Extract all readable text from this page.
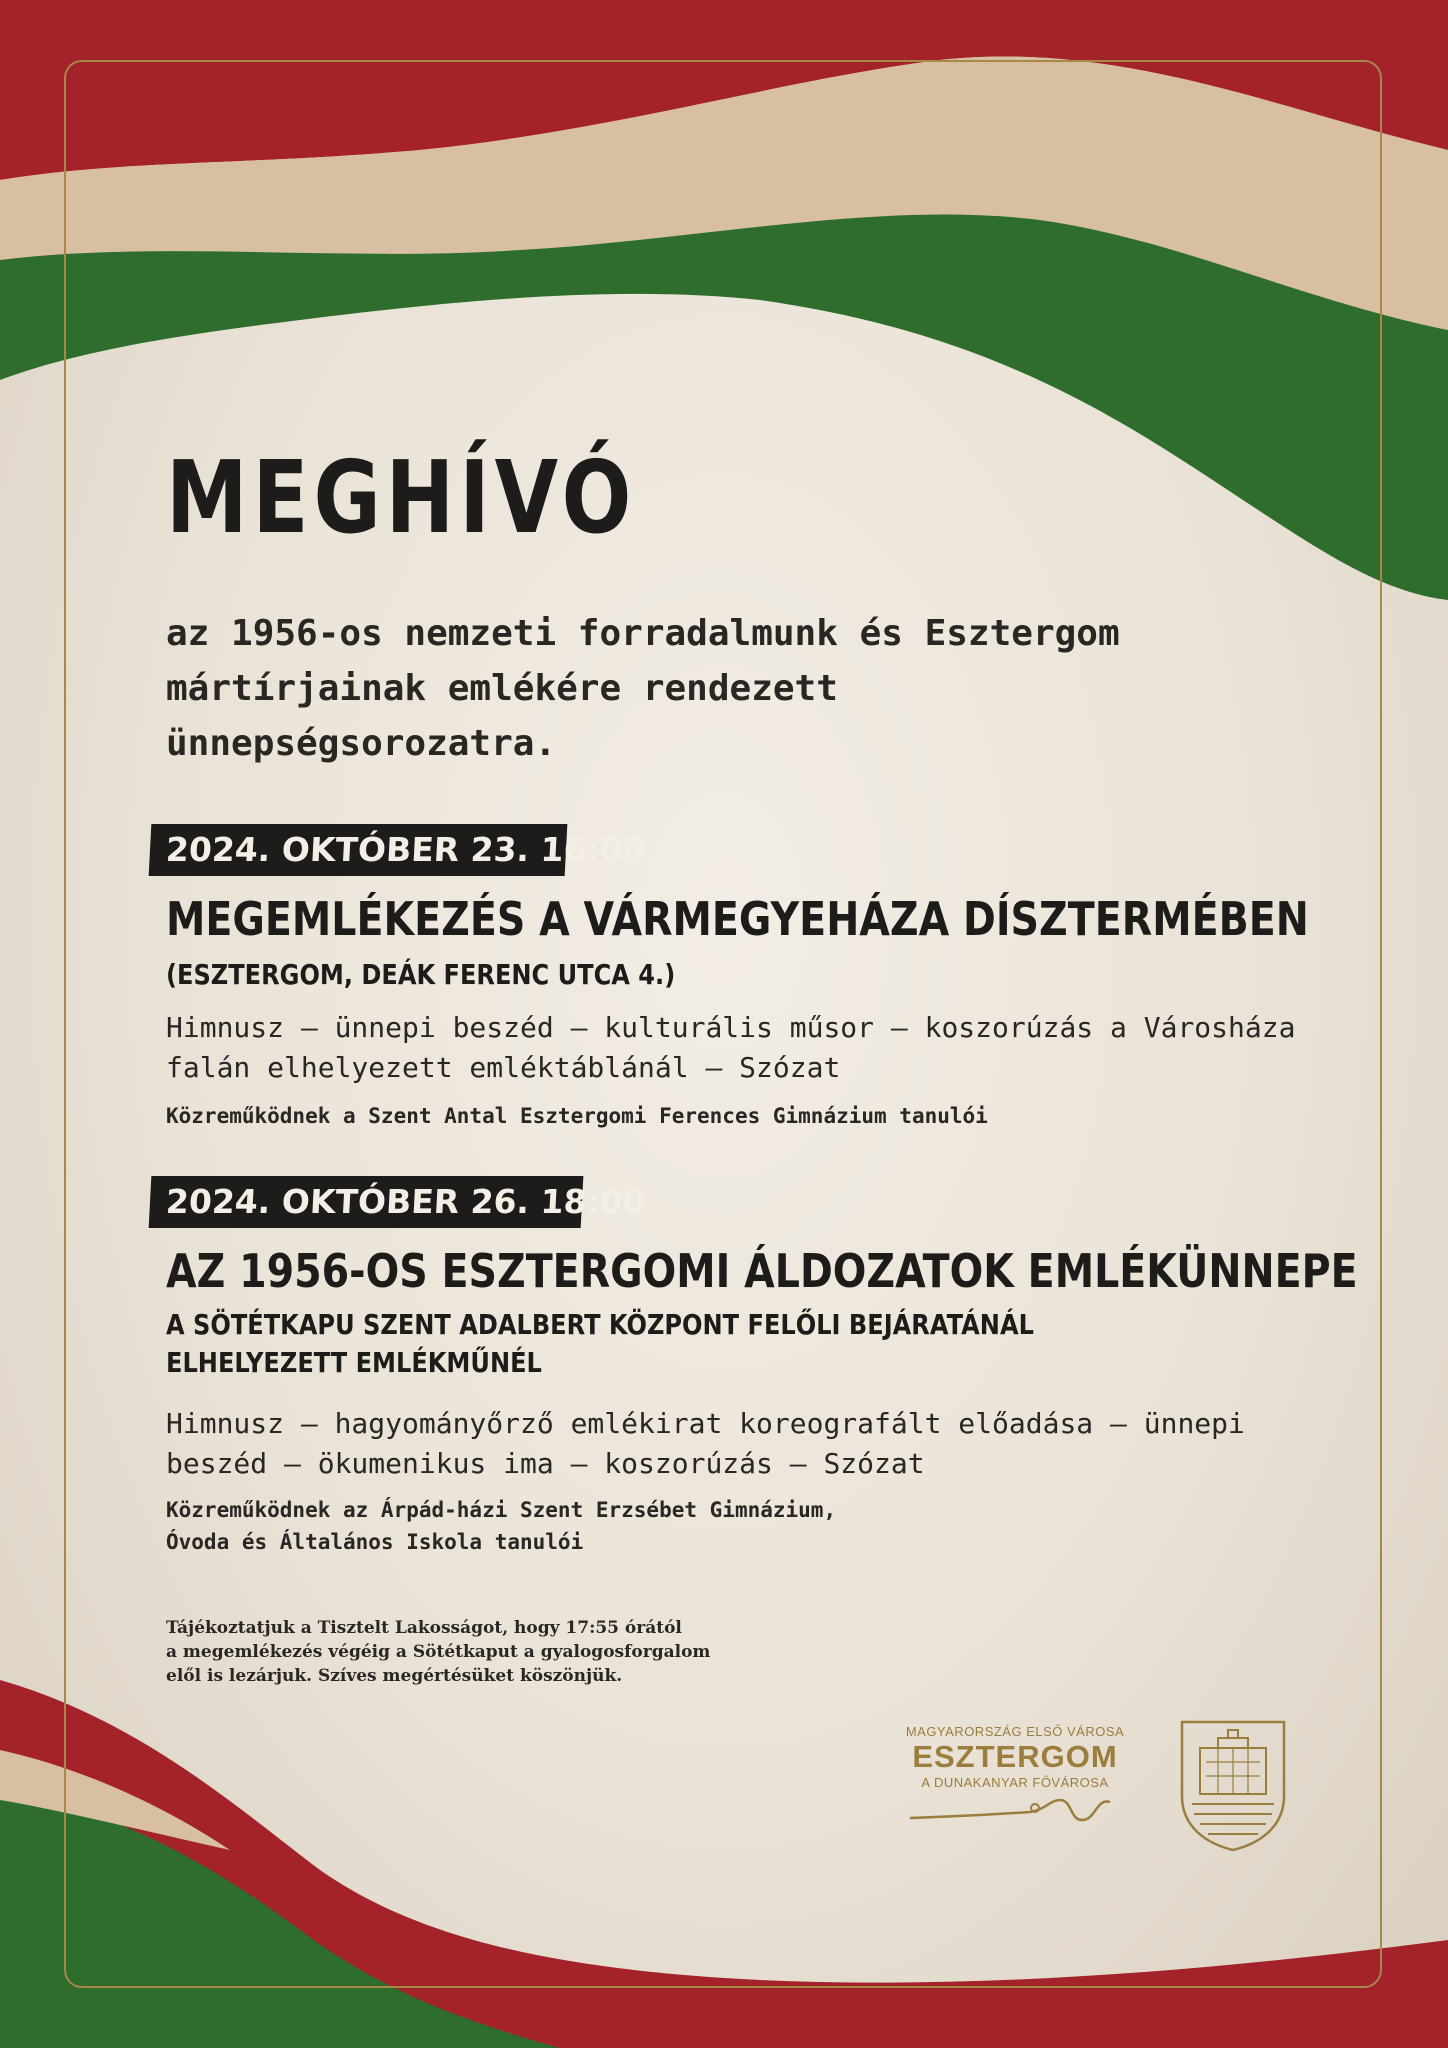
MEGHÍVÓ

az 1956-os nemzeti forradalmunk és Esztergom mártírjainak emlékére rendezett ünnepségsorozatra.

2024. OKTÓBER 23. 16:00
MEGEMLÉKEZÉS A VÁRMEGYEHÁZA DÍSZTERMÉBEN

(ESZTERGOM, DEÁK FERENC UTCA 4.)

Himnusz – ünnepi beszéd – kulturális műsor – koszorúzás a Városháza falán elhelyezett emléktáblánál – Szózat

Közreműködnek a Szent Antal Esztergomi Ferences Gimnázium tanulói

2024. OKTÓBER 26. 18:00
AZ 1956-OS ESZTERGOMI ÁLDOZATOK EMLÉKÜNNEPE
A SÖTÉTKAPU SZENT ADALBERT KÖZPONT FELŐLI BEJÁRATÁNÁL
ELHELYEZETT EMLÉKMŰNÉL

Himnusz – hagyományőrző emlékirat koreografált előadása – ünnepi beszéd – ökumenikus ima – koszorúzás – Szózat

Közreműködnek az Árpád-házi Szent Erzsébet Gimnázium,
Óvoda és Általános Iskola tanulói
Tájékoztatjuk a Tisztelt Lakosságot, hogy 17:55 órától
a megemlékezés végéig a Sötétkaput a gyalogosforgalom
elől is lezárjuk. Szíves megértésüket köszönjük.
MAGYARORSZÁG ELSŐ VÁROSA
ESZTERGOM
A DUNAKANYAR FŐVÁROSA
